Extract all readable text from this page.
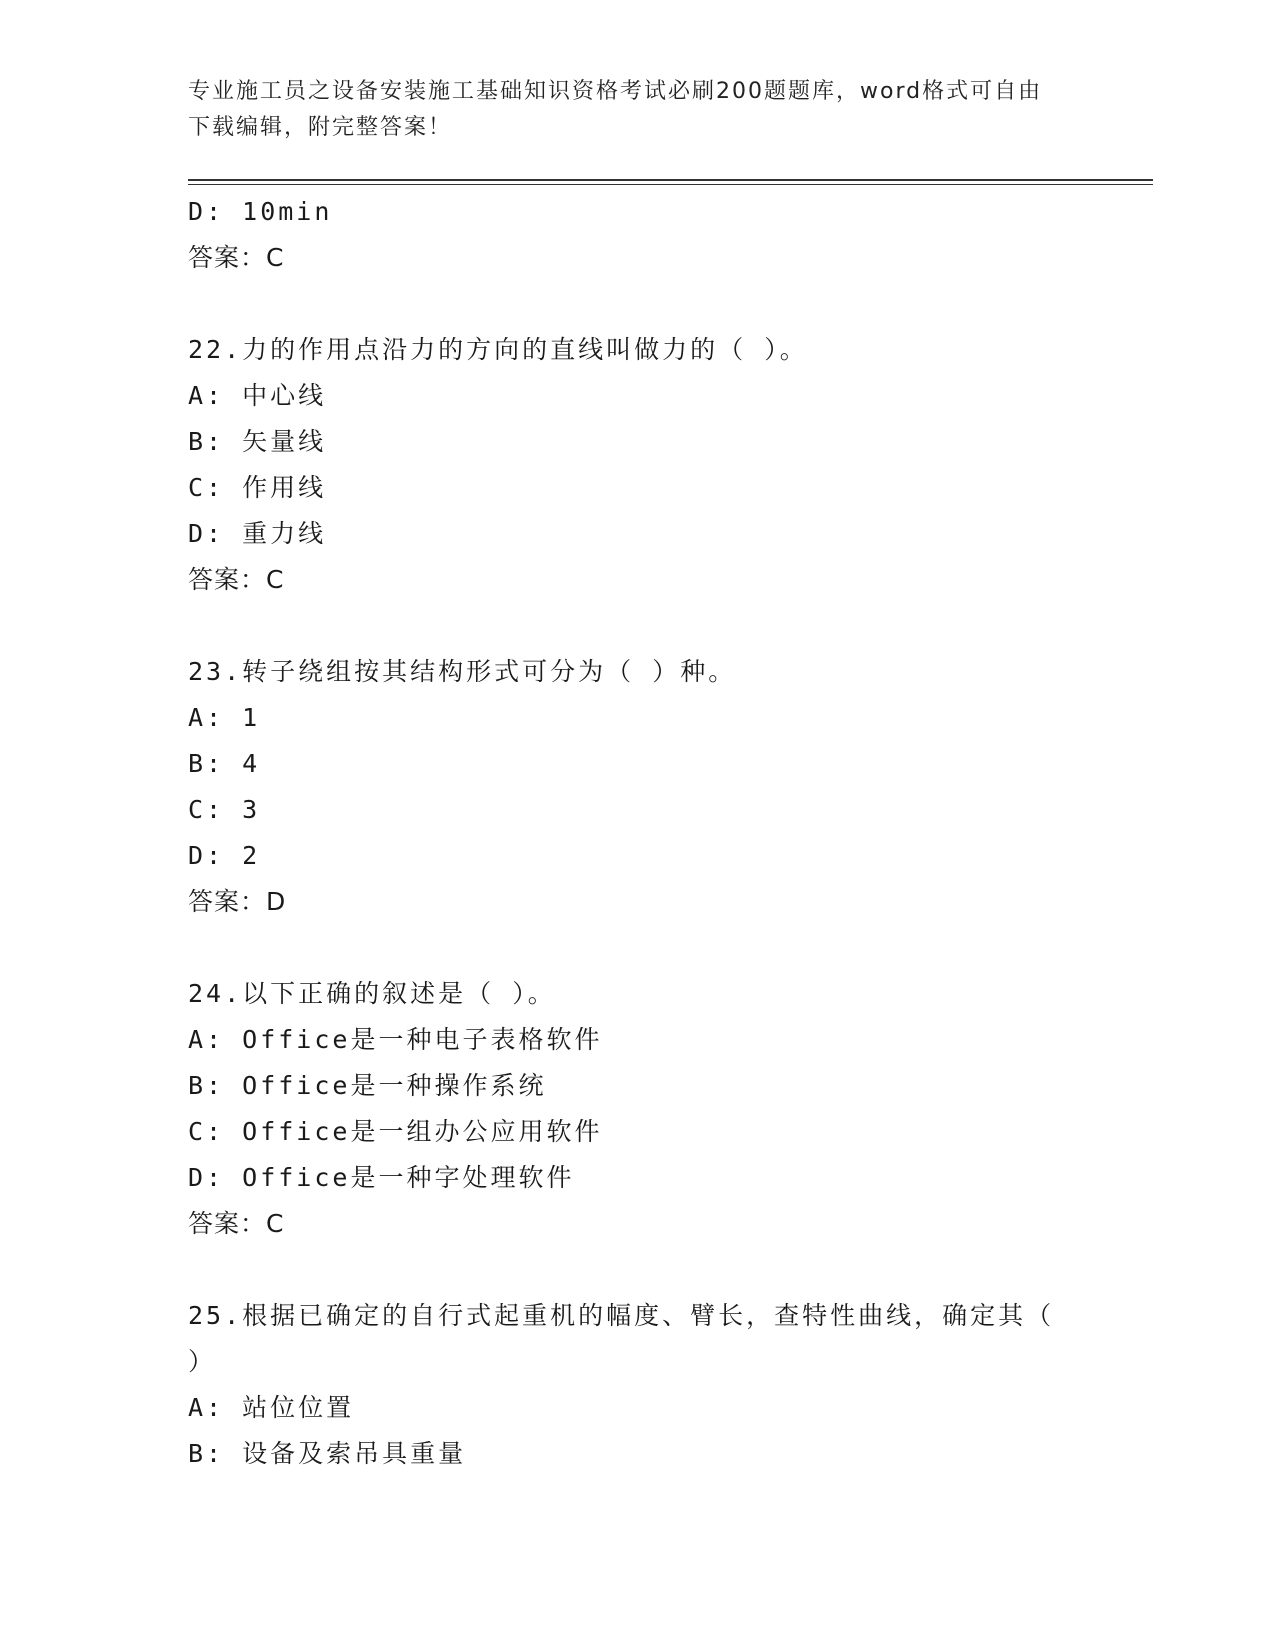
专业施工员之设备安装施工基础知识资格考试必刷200题题库，word格式可自由
下载编辑，附完整答案！
D: 10min
答案：C
22.力的作用点沿力的方向的直线叫做力的（ ）。
A: 中心线
B: 矢量线
C: 作用线
D: 重力线
答案：C
23.转子绕组按其结构形式可分为（ ）种。
A: 1
B: 4
C: 3
D: 2
答案：D
24.以下正确的叙述是（ ）。
A: Office是一种电子表格软件
B: Office是一种操作系统
C: Office是一组办公应用软件
D: Office是一种字处理软件
答案：C
25.根据已确定的自行式起重机的幅度、臂长，查特性曲线，确定其（
）
A: 站位位置
B: 设备及索吊具重量
